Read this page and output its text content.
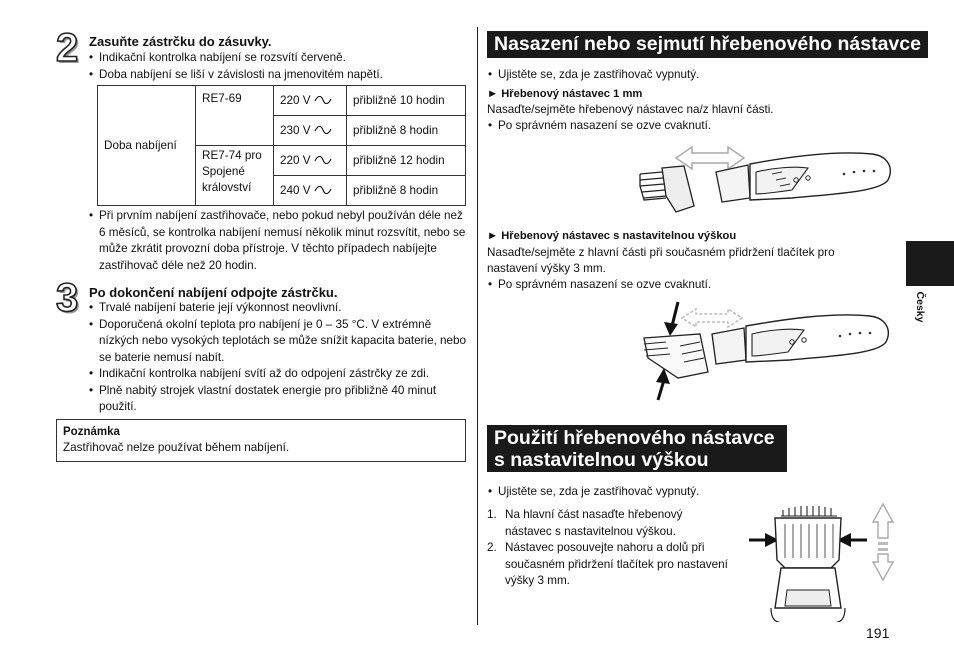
2 Zasuňte zástrčku do zásuvky.
• Indikační kontrolka nabíjení se rozsvítí červeně.
• Doba nabíjení se liší v závislosti na jmenovitém napětí.
Doba nabíjení	RE7-69	220 V	přibližně 10 hodin
		230 V	přibližně 8 hodin
	RE7-74 pro Spojené království	220 V	přibližně 12 hodin
		240 V	přibližně 8 hodin
• Při prvním nabíjení zastřihovače, nebo pokud nebyl používán déle než 6 měsíců, se kontrolka nabíjení nemusí několik minut rozsvítit, nebo se může zkrátit provozní doba přístroje. V těchto případech nabíjejte zastřihovač déle než 20 hodin.
3 Po dokončení nabíjení odpojte zástrčku.
• Trvalé nabíjení baterie její výkonnost neovlivní.
• Doporučená okolní teplota pro nabíjení je 0 – 35 °C. V extrémně nízkých nebo vysokých teplotách se může snížit kapacita baterie, nebo se baterie nemusí nabít.
• Indikační kontrolka nabíjení svítí až do odpojení zástrčky ze zdi.
• Plně nabitý strojek vlastní dostatek energie pro přibližně 40 minut použití.
Poznámka
Zastřihovač nelze používat během nabíjení.
Nasazení nebo sejmutí hřebenového nástavce
• Ujistěte se, zda je zastřihovač vypnutý.
► Hřebenový nástavec 1 mm
Nasaďte/sejměte hřebenový nástavec na/z hlavní části.
• Po správném nasazení se ozve cvaknutí.
► Hřebenový nástavec s nastavitelnou výškou
Nasaďte/sejměte z hlavní části při současném přidržení tlačítek pro
nastavení výšky 3 mm.
• Po správném nasazení se ozve cvaknutí.
Použití hřebenového nástavce
s nastavitelnou výškou
• Ujistěte se, zda je zastřihovač vypnutý.
1. Na hlavní část nasaďte hřebenový
nástavec s nastavitelnou výškou.
2. Nástavec posouvejte nahoru a dolů při
současném přidržení tlačítek pro nastavení
výšky 3 mm.
Česky
191
